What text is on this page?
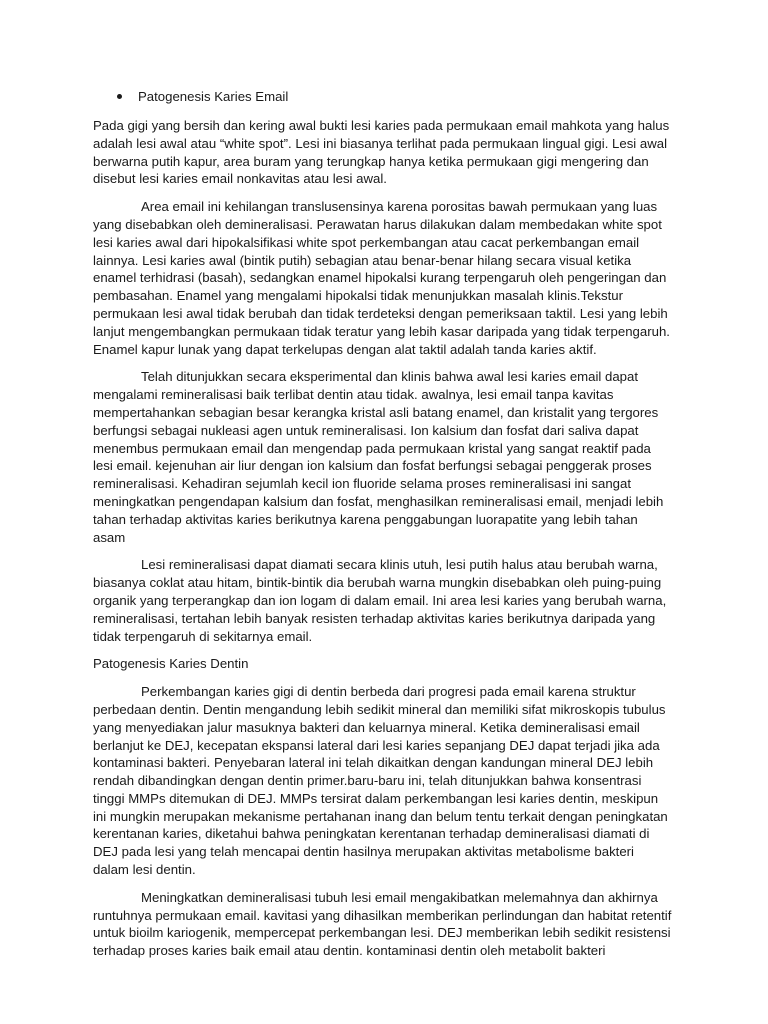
Patogenesis Karies Email

Pada gigi yang bersih dan kering awal bukti lesi karies pada permukaan email mahkota yang halus adalah lesi awal atau “white spot”. Lesi ini biasanya terlihat pada permukaan lingual gigi. Lesi awal berwarna putih kapur, area buram yang terungkap hanya ketika permukaan gigi mengering dan disebut lesi karies email nonkavitas atau lesi awal.

Area email ini kehilangan translusensinya karena porositas bawah permukaan yang luas yang disebabkan oleh demineralisasi. Perawatan harus dilakukan dalam membedakan white spot lesi karies awal dari hipokalsifikasi white spot perkembangan atau cacat perkembangan email lainnya. Lesi karies awal (bintik putih) sebagian atau benar-benar hilang secara visual ketika enamel terhidrasi (basah), sedangkan enamel hipokalsi kurang terpengaruh oleh pengeringan dan pembasahan. Enamel yang mengalami hipokalsi tidak menunjukkan masalah klinis.Tekstur permukaan lesi awal tidak berubah dan tidak terdeteksi dengan pemeriksaan taktil. Lesi yang lebih lanjut mengembangkan permukaan tidak teratur yang lebih kasar daripada yang tidak terpengaruh. Enamel kapur lunak yang dapat terkelupas dengan alat taktil adalah tanda karies aktif.

Telah ditunjukkan secara eksperimental dan klinis bahwa awal lesi karies email dapat mengalami remineralisasi baik terlibat dentin atau tidak. awalnya, lesi email tanpa kavitas mempertahankan sebagian besar kerangka kristal asli batang enamel, dan kristalit yang tergores berfungsi sebagai nukleasi agen untuk remineralisasi. Ion kalsium dan fosfat dari saliva dapat menembus permukaan email dan mengendap pada permukaan kristal yang sangat reaktif pada lesi email. kejenuhan air liur dengan ion kalsium dan fosfat berfungsi sebagai penggerak proses remineralisasi. Kehadiran sejumlah kecil ion fluoride selama proses remineralisasi ini sangat meningkatkan pengendapan kalsium dan fosfat, menghasilkan remineralisasi email, menjadi lebih tahan terhadap aktivitas karies berikutnya karena penggabungan luorapatite yang lebih tahan asam

Lesi remineralisasi dapat diamati secara klinis utuh, lesi putih halus atau berubah warna, biasanya coklat atau hitam, bintik-bintik dia berubah warna mungkin disebabkan oleh puing-puing organik yang terperangkap dan ion logam di dalam email. Ini area lesi karies yang berubah warna, remineralisasi, tertahan lebih banyak resisten terhadap aktivitas karies berikutnya daripada yang tidak terpengaruh di sekitarnya email.

Patogenesis Karies Dentin

Perkembangan karies gigi di dentin berbeda dari progresi pada email karena struktur perbedaan dentin. Dentin mengandung lebih sedikit mineral dan memiliki sifat mikroskopis tubulus yang menyediakan jalur masuknya bakteri dan keluarnya mineral. Ketika demineralisasi email berlanjut ke DEJ, kecepatan ekspansi lateral dari lesi karies sepanjang DEJ dapat terjadi jika ada kontaminasi bakteri. Penyebaran lateral ini telah dikaitkan dengan kandungan mineral DEJ lebih rendah dibandingkan dengan dentin primer.baru-baru ini, telah ditunjukkan bahwa konsentrasi tinggi MMPs ditemukan di DEJ. MMPs tersirat dalam perkembangan lesi karies dentin, meskipun ini mungkin merupakan mekanisme pertahanan inang dan belum tentu terkait dengan peningkatan kerentanan karies, diketahui bahwa peningkatan kerentanan terhadap demineralisasi diamati di DEJ pada lesi yang telah mencapai dentin hasilnya merupakan aktivitas metabolisme bakteri dalam lesi dentin.

Meningkatkan demineralisasi tubuh lesi email mengakibatkan melemahnya dan akhirnya runtuhnya permukaan email. kavitasi yang dihasilkan memberikan perlindungan dan habitat retentif untuk bioilm kariogenik, mempercepat perkembangan lesi. DEJ memberikan lebih sedikit resistensi terhadap proses karies baik email atau dentin. kontaminasi dentin oleh metabolit bakteri
